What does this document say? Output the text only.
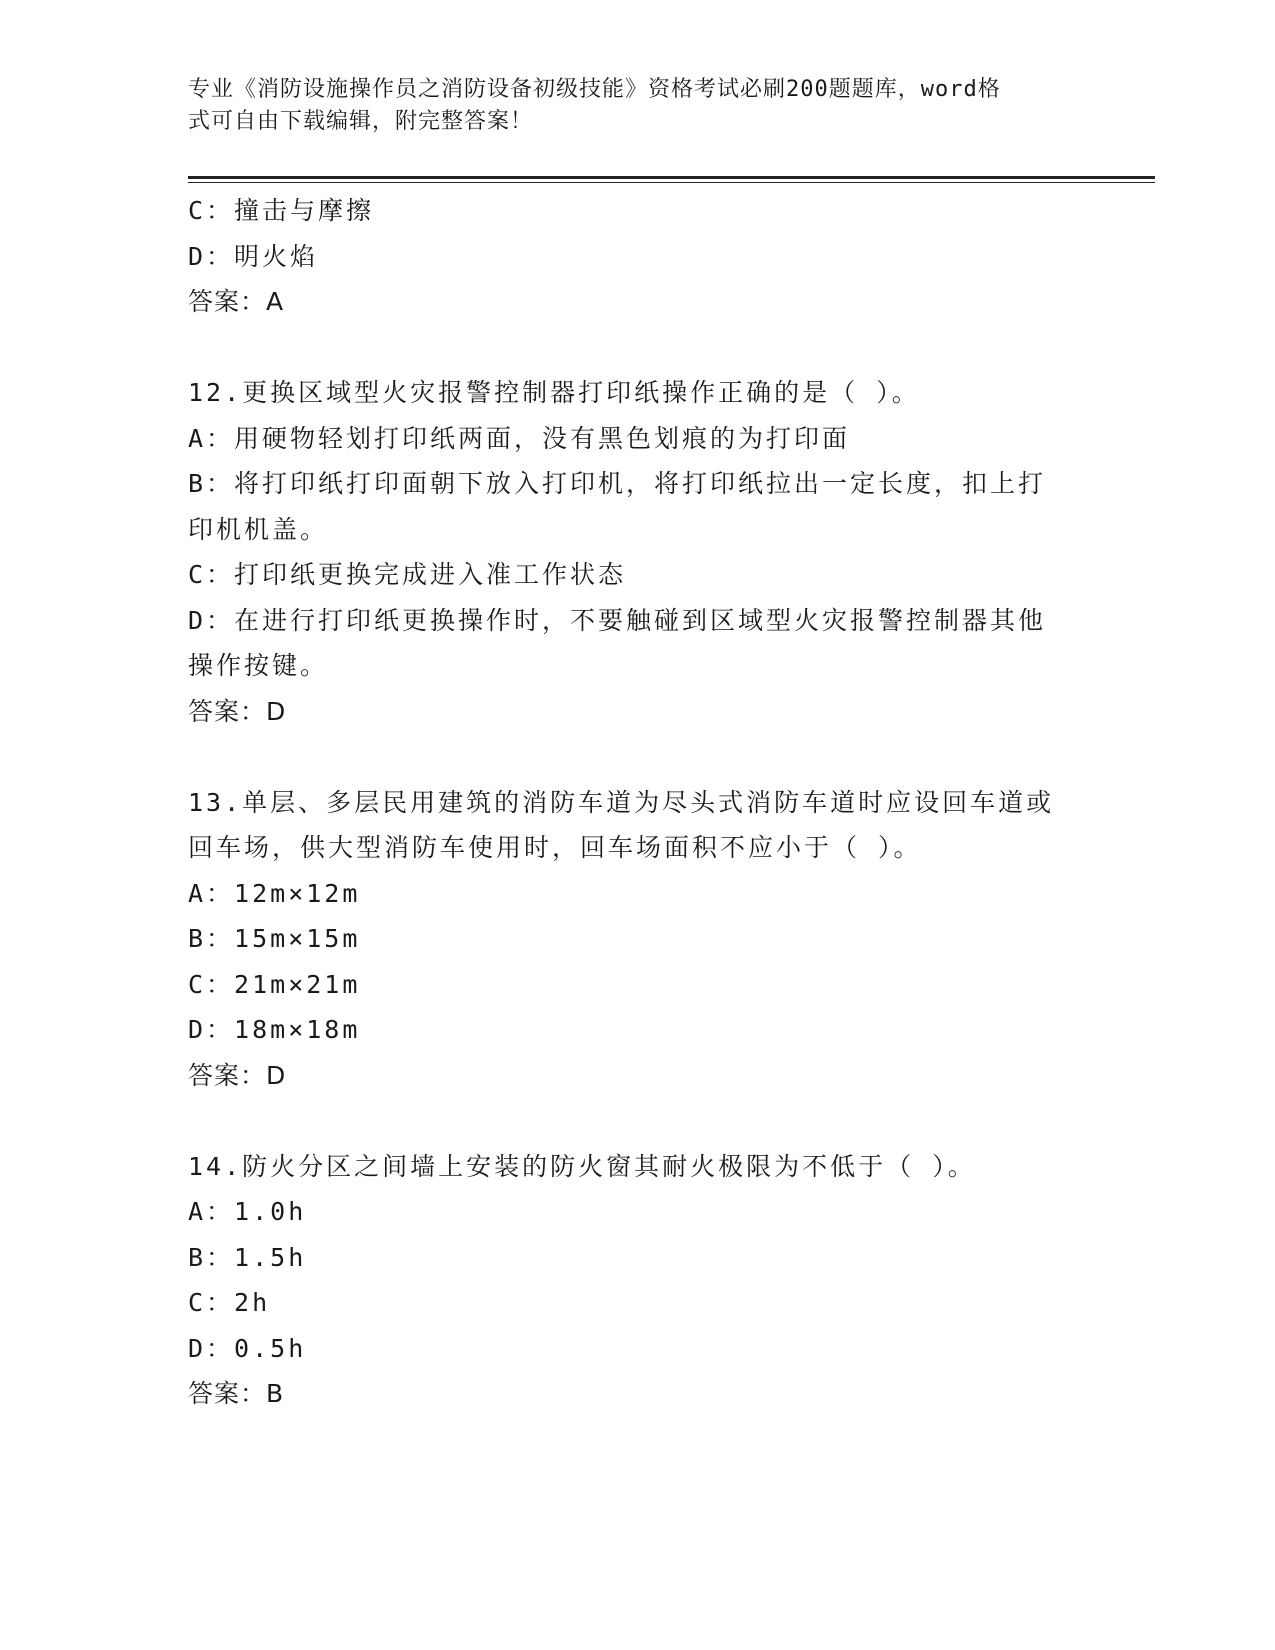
专业《消防设施操作员之消防设备初级技能》资格考试必刷200题题库，word格
式可自由下载编辑，附完整答案！

C：撞击与摩擦

D：明火焰

答案：A

12.更换区域型火灾报警控制器打印纸操作正确的是（ ）。

A：用硬物轻划打印纸两面，没有黑色划痕的为打印面

B：将打印纸打印面朝下放入打印机，将打印纸拉出一定长度，扣上打

印机机盖。

C：打印纸更换完成进入准工作状态

D：在进行打印纸更换操作时，不要触碰到区域型火灾报警控制器其他

操作按键。

答案：D

13.单层、多层民用建筑的消防车道为尽头式消防车道时应设回车道或

回车场，供大型消防车使用时，回车场面积不应小于（ ）。

A：12m×12m

B：15m×15m

C：21m×21m

D：18m×18m

答案：D

14.防火分区之间墙上安装的防火窗其耐火极限为不低于（ ）。

A：1.0h

B：1.5h

C：2h

D：0.5h

答案：B
